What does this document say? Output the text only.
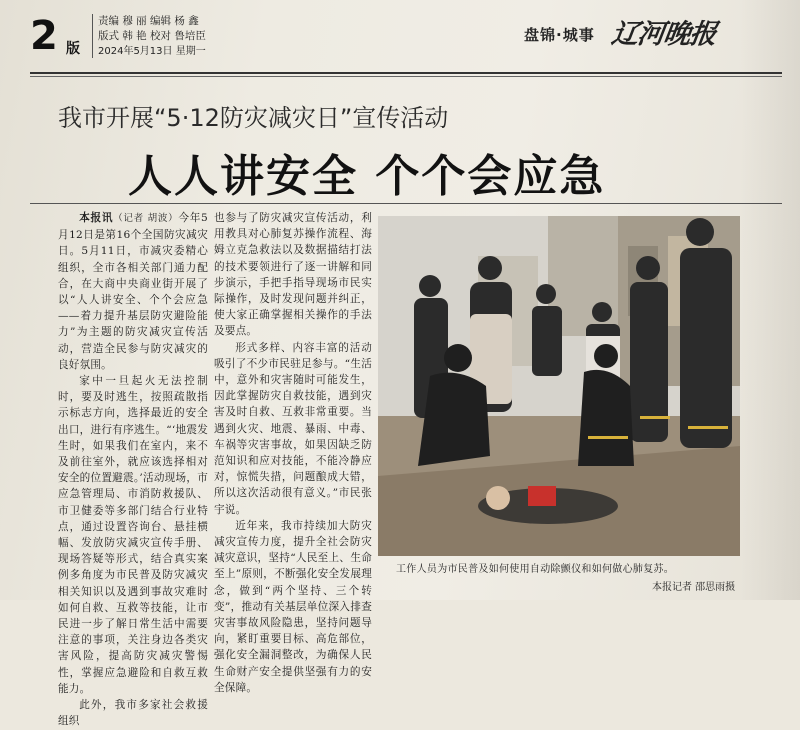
2 版
责编 穆 丽 编辑 杨 鑫
版式 韩 艳 校对 鲁培臣
2024年5月13日 星期一
盘锦·城事 辽河晚报
我市开展“5·12防灾减灾日”宣传活动
人人讲安全 个个会应急

本报讯（记者 胡波）今年5月12日是第16个全国防灾减灾日。5月11日，市减灾委精心组织，全市各相关部门通力配合，在大商中央商业街开展了以“人人讲安全、个个会应急——着力提升基层防灾避险能力”为主题的防灾减灾宣传活动，营造全民参与防灾减灾的良好氛围。

家中一旦起火无法控制时，要及时逃生，按照疏散指示标志方向，选择最近的安全出口，进行有序逃生。“‘地震发生时，如果我们在室内，来不及前往室外，就应该选择相对安全的位置避震。’活动现场，市应急管理局、市消防救援队、市卫健委等多部门结合行业特点，通过设置咨询台、悬挂横幅、发放防灾减灾宣传手册、现场答疑等形式，结合真实案例多角度为市民普及防灾减灾相关知识以及遇到事故灾难时如何自救、互救等技能，让市民进一步了解日常生活中需要注意的事项，关注身边各类灾害风险，提高防灾减灾警惕性，掌握应急避险和自救互救能力。

此外，我市多家社会救援组织

也参与了防灾减灾宣传活动，利用教具对心肺复苏操作流程、海姆立克急救法以及数据描结打法的技术要领进行了逐一讲解和同步演示，手把手指导现场市民实际操作，及时发现问题并纠正，使大家正确掌握相关操作的手法及要点。

形式多样、内容丰富的活动吸引了不少市民驻足参与。“生活中，意外和灾害随时可能发生，因此掌握防灾自救技能，遇到灾害及时自救、互救非常重要。当遇到火灾、地震、暴雨、中毒、车祸等灾害事故，如果因缺乏防范知识和应对技能，不能冷静应对，惊慌失措，问题酿成大错，所以这次活动很有意义。”市民张宇说。

近年来，我市持续加大防灾减灾宣传力度，提升全社会防灾减灾意识，坚持“人民至上、生命至上”原则，不断强化安全发展理念，做到“两个坚持、三个转变”，推动有关基层单位深入排查灾害事故风险隐患，坚持问题导向，紧盯重要目标、高危部位，强化安全漏洞整改，为确保人民生命财产安全提供坚强有力的安全保障。

工作人员为市民普及如何使用自动除颤仪和如何做心肺复苏。
本报记者 邵思雨摄
